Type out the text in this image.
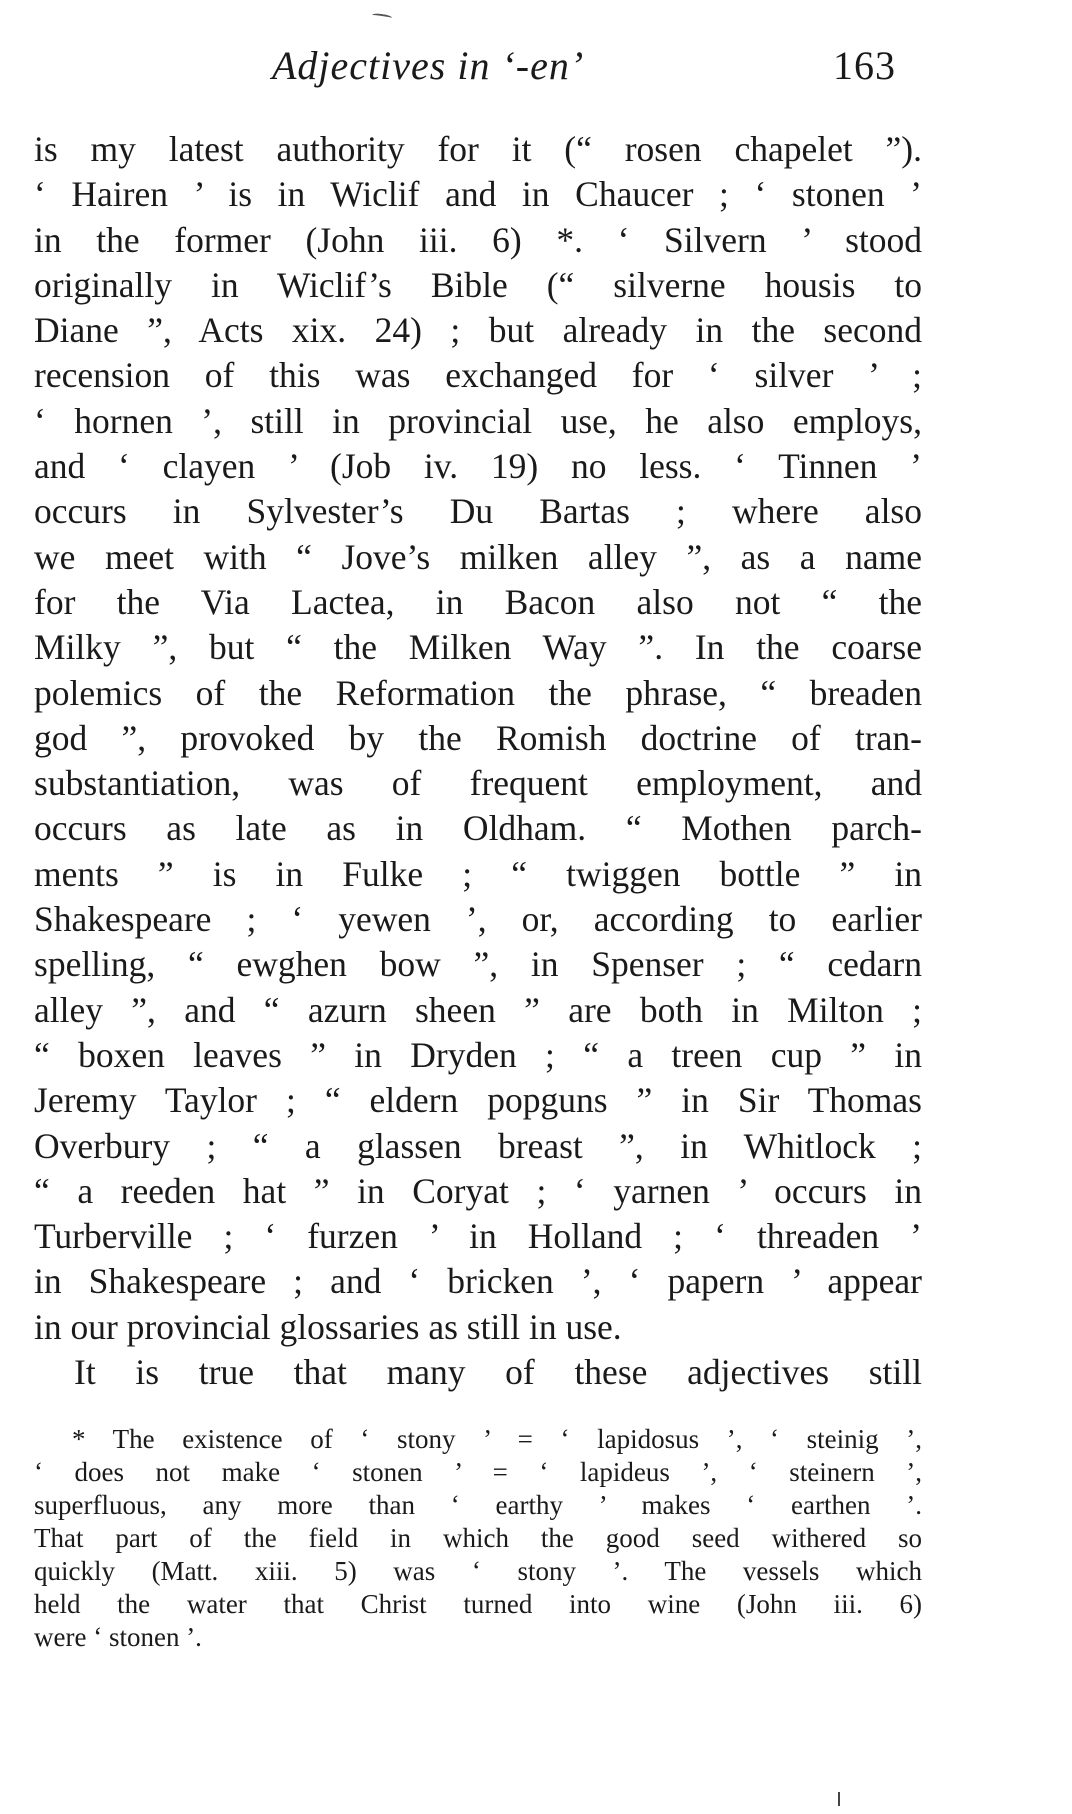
Adjectives in ‘-en’	163
is my latest authority for it (“ rosen chapelet ”).
‘ Hairen ’ is in Wiclif and in Chaucer ; ‘ stonen ’
in the former (John iii. 6) *. ‘ Silvern ’ stood
originally in Wiclif’s Bible (“ silverne housis to
Diane ”, Acts xix. 24) ; but already in the second
recension of this was exchanged for ‘ silver ’ ;
‘ hornen ’, still in provincial use, he also employs,
and ‘ clayen ’ (Job iv. 19) no less. ‘ Tinnen ’
occurs in Sylvester’s Du Bartas ; where also
we meet with “ Jove’s milken alley ”, as a name
for the Via Lactea, in Bacon also not “ the
Milky ”, but “ the Milken Way ”. In the coarse
polemics of the Reformation the phrase, “ breaden
god ”, provoked by the Romish doctrine of tran-
substantiation, was of frequent employment, and
occurs as late as in Oldham. “ Mothen parch-
ments ” is in Fulke ; “ twiggen bottle ” in
Shakespeare ; ‘ yewen ’, or, according to earlier
spelling, “ ewghen bow ”, in Spenser ; “ cedarn
alley ”, and “ azurn sheen ” are both in Milton ;
“ boxen leaves ” in Dryden ; “ a treen cup ” in
Jeremy Taylor ; “ eldern popguns ” in Sir Thomas
Overbury ; “ a glassen breast ”, in Whitlock ;
“ a reeden hat ” in Coryat ; ‘ yarnen ’ occurs in
Turberville ; ‘ furzen ’ in Holland ; ‘ threaden ’
in Shakespeare ; and ‘ bricken ’, ‘ papern ’ appear
in our provincial glossaries as still in use.
It is true that many of these adjectives still
* The existence of ‘ stony ’ = ‘ lapidosus ’, ‘ steinig ’,
‘ does not make ‘ stonen ’ = ‘ lapideus ’, ‘ steinern ’,
superfluous, any more than ‘ earthy ’ makes ‘ earthen ’.
That part of the field in which the good seed withered so
quickly (Matt. xiii. 5) was ‘ stony ’. The vessels which
held the water that Christ turned into wine (John iii. 6)
were ‘ stonen ’.
